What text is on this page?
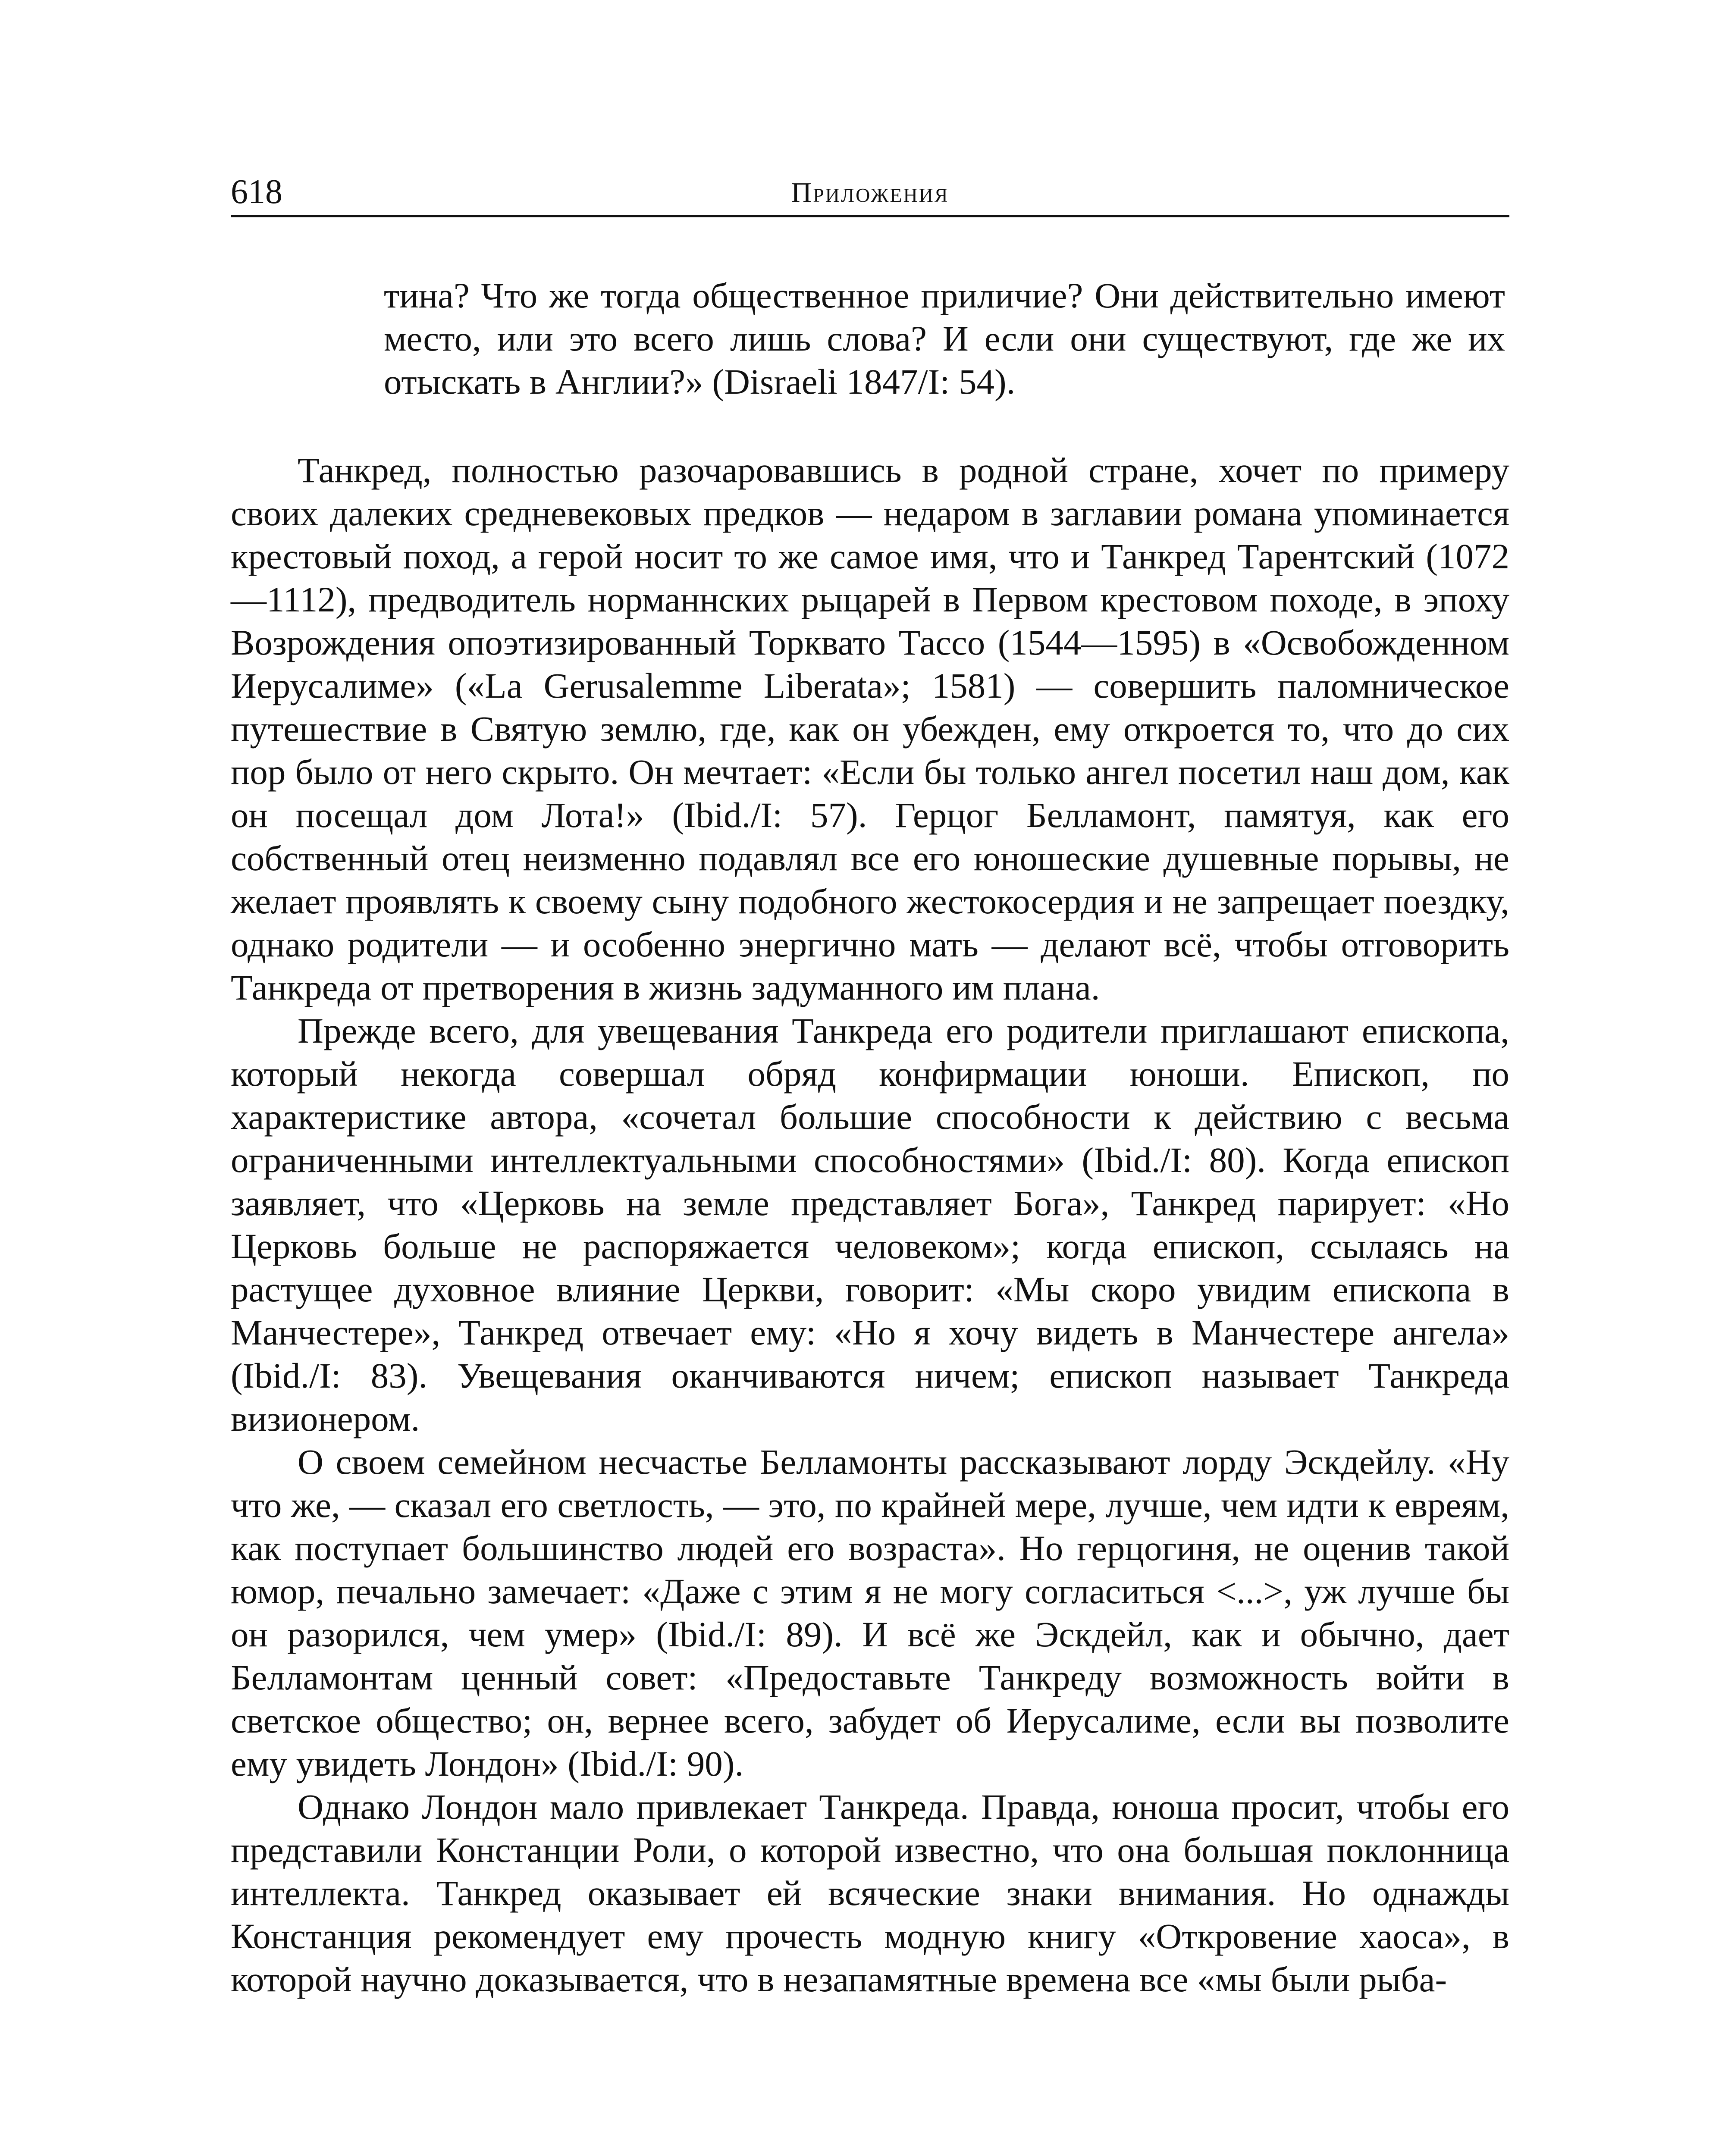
618	Приложения

тина? Что же тогда общественное приличие? Они действительно имеют место, или это всего лишь слова? И если они существуют, где же их отыскать в Англии?» (Disraeli 1847/I: 54).

Танкред, полностью разочаровавшись в родной стране, хочет по примеру своих далеких средневековых предков — недаром в заглавии романа упоминается крестовый поход, а герой носит то же самое имя, что и Танкред Тарентский (1072—1112), предводитель норманнских рыцарей в Первом крестовом походе, в эпоху Возрождения опоэтизированный Торквато Тассо (1544—1595) в «Освобожденном Иерусалиме» («La Gerusalemme Liberata»; 1581) — совершить паломническое путешествие в Святую землю, где, как он убежден, ему откроется то, что до сих пор было от него скрыто. Он мечтает: «Если бы только ангел посетил наш дом, как он посещал дом Лота!» (Ibid./I: 57). Герцог Белламонт, памятуя, как его собственный отец неизменно подавлял все его юношеские душевные порывы, не желает проявлять к своему сыну подобного жестокосердия и не запрещает поездку, однако родители — и особенно энергично мать — делают всё, чтобы отговорить Танкреда от претворения в жизнь задуманного им плана.

Прежде всего, для увещевания Танкреда его родители приглашают епископа, который некогда совершал обряд конфирмации юноши. Епископ, по характеристике автора, «сочетал большие способности к действию с весьма ограниченными интеллектуальными способностями» (Ibid./I: 80). Когда епископ заявляет, что «Церковь на земле представляет Бога», Танкред парирует: «Но Церковь больше не распоряжается человеком»; когда епископ, ссылаясь на растущее духовное влияние Церкви, говорит: «Мы скоро увидим епископа в Манчестере», Танкред отвечает ему: «Но я хочу видеть в Манчестере ангела» (Ibid./I: 83). Увещевания оканчиваются ничем; епископ называет Танкреда визионером.

О своем семейном несчастье Белламонты рассказывают лорду Эскдейлу. «Ну что же, — сказал его светлость, — это, по крайней мере, лучше, чем идти к евреям, как поступает большинство людей его возраста». Но герцогиня, не оценив такой юмор, печально замечает: «Даже с этим я не могу согласиться <...>, уж лучше бы он разорился, чем умер» (Ibid./I: 89). И всё же Эскдейл, как и обычно, дает Белламонтам ценный совет: «Предоставьте Танкреду возможность войти в светское общество; он, вернее всего, забудет об Иерусалиме, если вы позволите ему увидеть Лондон» (Ibid./I: 90).

Однако Лондон мало привлекает Танкреда. Правда, юноша просит, чтобы его представили Констанции Роли, о которой известно, что она большая поклонница интеллекта. Танкред оказывает ей всяческие знаки внимания. Но однажды Констанция рекомендует ему прочесть модную книгу «Откровение хаоса», в которой научно доказывается, что в незапамятные времена все «мы были рыба-
